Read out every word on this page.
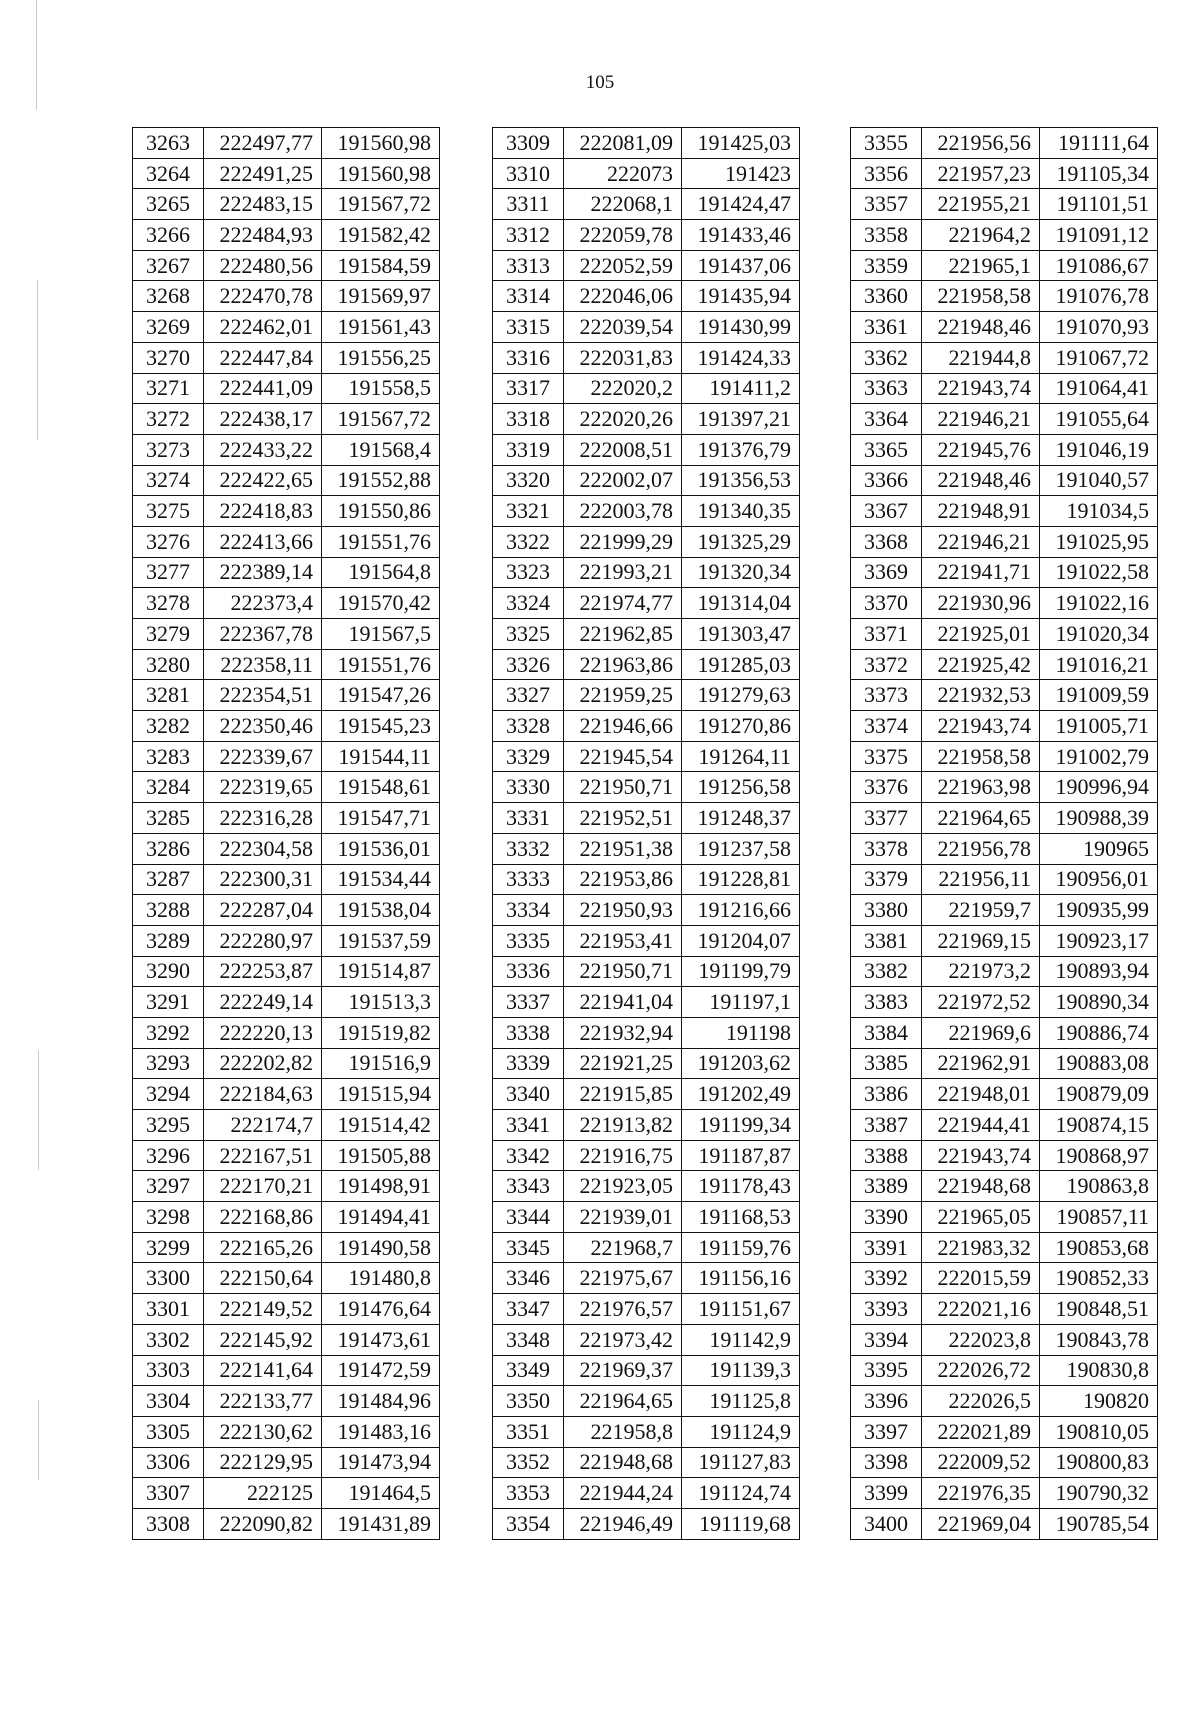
105
3263	222497,77	191560,98
3264	222491,25	191560,98
3265	222483,15	191567,72
3266	222484,93	191582,42
3267	222480,56	191584,59
3268	222470,78	191569,97
3269	222462,01	191561,43
3270	222447,84	191556,25
3271	222441,09	191558,5
3272	222438,17	191567,72
3273	222433,22	191568,4
3274	222422,65	191552,88
3275	222418,83	191550,86
3276	222413,66	191551,76
3277	222389,14	191564,8
3278	222373,4	191570,42
3279	222367,78	191567,5
3280	222358,11	191551,76
3281	222354,51	191547,26
3282	222350,46	191545,23
3283	222339,67	191544,11
3284	222319,65	191548,61
3285	222316,28	191547,71
3286	222304,58	191536,01
3287	222300,31	191534,44
3288	222287,04	191538,04
3289	222280,97	191537,59
3290	222253,87	191514,87
3291	222249,14	191513,3
3292	222220,13	191519,82
3293	222202,82	191516,9
3294	222184,63	191515,94
3295	222174,7	191514,42
3296	222167,51	191505,88
3297	222170,21	191498,91
3298	222168,86	191494,41
3299	222165,26	191490,58
3300	222150,64	191480,8
3301	222149,52	191476,64
3302	222145,92	191473,61
3303	222141,64	191472,59
3304	222133,77	191484,96
3305	222130,62	191483,16
3306	222129,95	191473,94
3307	222125	191464,5
3308	222090,82	191431,89
3309	222081,09	191425,03
3310	222073	191423
3311	222068,1	191424,47
3312	222059,78	191433,46
3313	222052,59	191437,06
3314	222046,06	191435,94
3315	222039,54	191430,99
3316	222031,83	191424,33
3317	222020,2	191411,2
3318	222020,26	191397,21
3319	222008,51	191376,79
3320	222002,07	191356,53
3321	222003,78	191340,35
3322	221999,29	191325,29
3323	221993,21	191320,34
3324	221974,77	191314,04
3325	221962,85	191303,47
3326	221963,86	191285,03
3327	221959,25	191279,63
3328	221946,66	191270,86
3329	221945,54	191264,11
3330	221950,71	191256,58
3331	221952,51	191248,37
3332	221951,38	191237,58
3333	221953,86	191228,81
3334	221950,93	191216,66
3335	221953,41	191204,07
3336	221950,71	191199,79
3337	221941,04	191197,1
3338	221932,94	191198
3339	221921,25	191203,62
3340	221915,85	191202,49
3341	221913,82	191199,34
3342	221916,75	191187,87
3343	221923,05	191178,43
3344	221939,01	191168,53
3345	221968,7	191159,76
3346	221975,67	191156,16
3347	221976,57	191151,67
3348	221973,42	191142,9
3349	221969,37	191139,3
3350	221964,65	191125,8
3351	221958,8	191124,9
3352	221948,68	191127,83
3353	221944,24	191124,74
3354	221946,49	191119,68
3355	221956,56	191111,64
3356	221957,23	191105,34
3357	221955,21	191101,51
3358	221964,2	191091,12
3359	221965,1	191086,67
3360	221958,58	191076,78
3361	221948,46	191070,93
3362	221944,8	191067,72
3363	221943,74	191064,41
3364	221946,21	191055,64
3365	221945,76	191046,19
3366	221948,46	191040,57
3367	221948,91	191034,5
3368	221946,21	191025,95
3369	221941,71	191022,58
3370	221930,96	191022,16
3371	221925,01	191020,34
3372	221925,42	191016,21
3373	221932,53	191009,59
3374	221943,74	191005,71
3375	221958,58	191002,79
3376	221963,98	190996,94
3377	221964,65	190988,39
3378	221956,78	190965
3379	221956,11	190956,01
3380	221959,7	190935,99
3381	221969,15	190923,17
3382	221973,2	190893,94
3383	221972,52	190890,34
3384	221969,6	190886,74
3385	221962,91	190883,08
3386	221948,01	190879,09
3387	221944,41	190874,15
3388	221943,74	190868,97
3389	221948,68	190863,8
3390	221965,05	190857,11
3391	221983,32	190853,68
3392	222015,59	190852,33
3393	222021,16	190848,51
3394	222023,8	190843,78
3395	222026,72	190830,8
3396	222026,5	190820
3397	222021,89	190810,05
3398	222009,52	190800,83
3399	221976,35	190790,32
3400	221969,04	190785,54
